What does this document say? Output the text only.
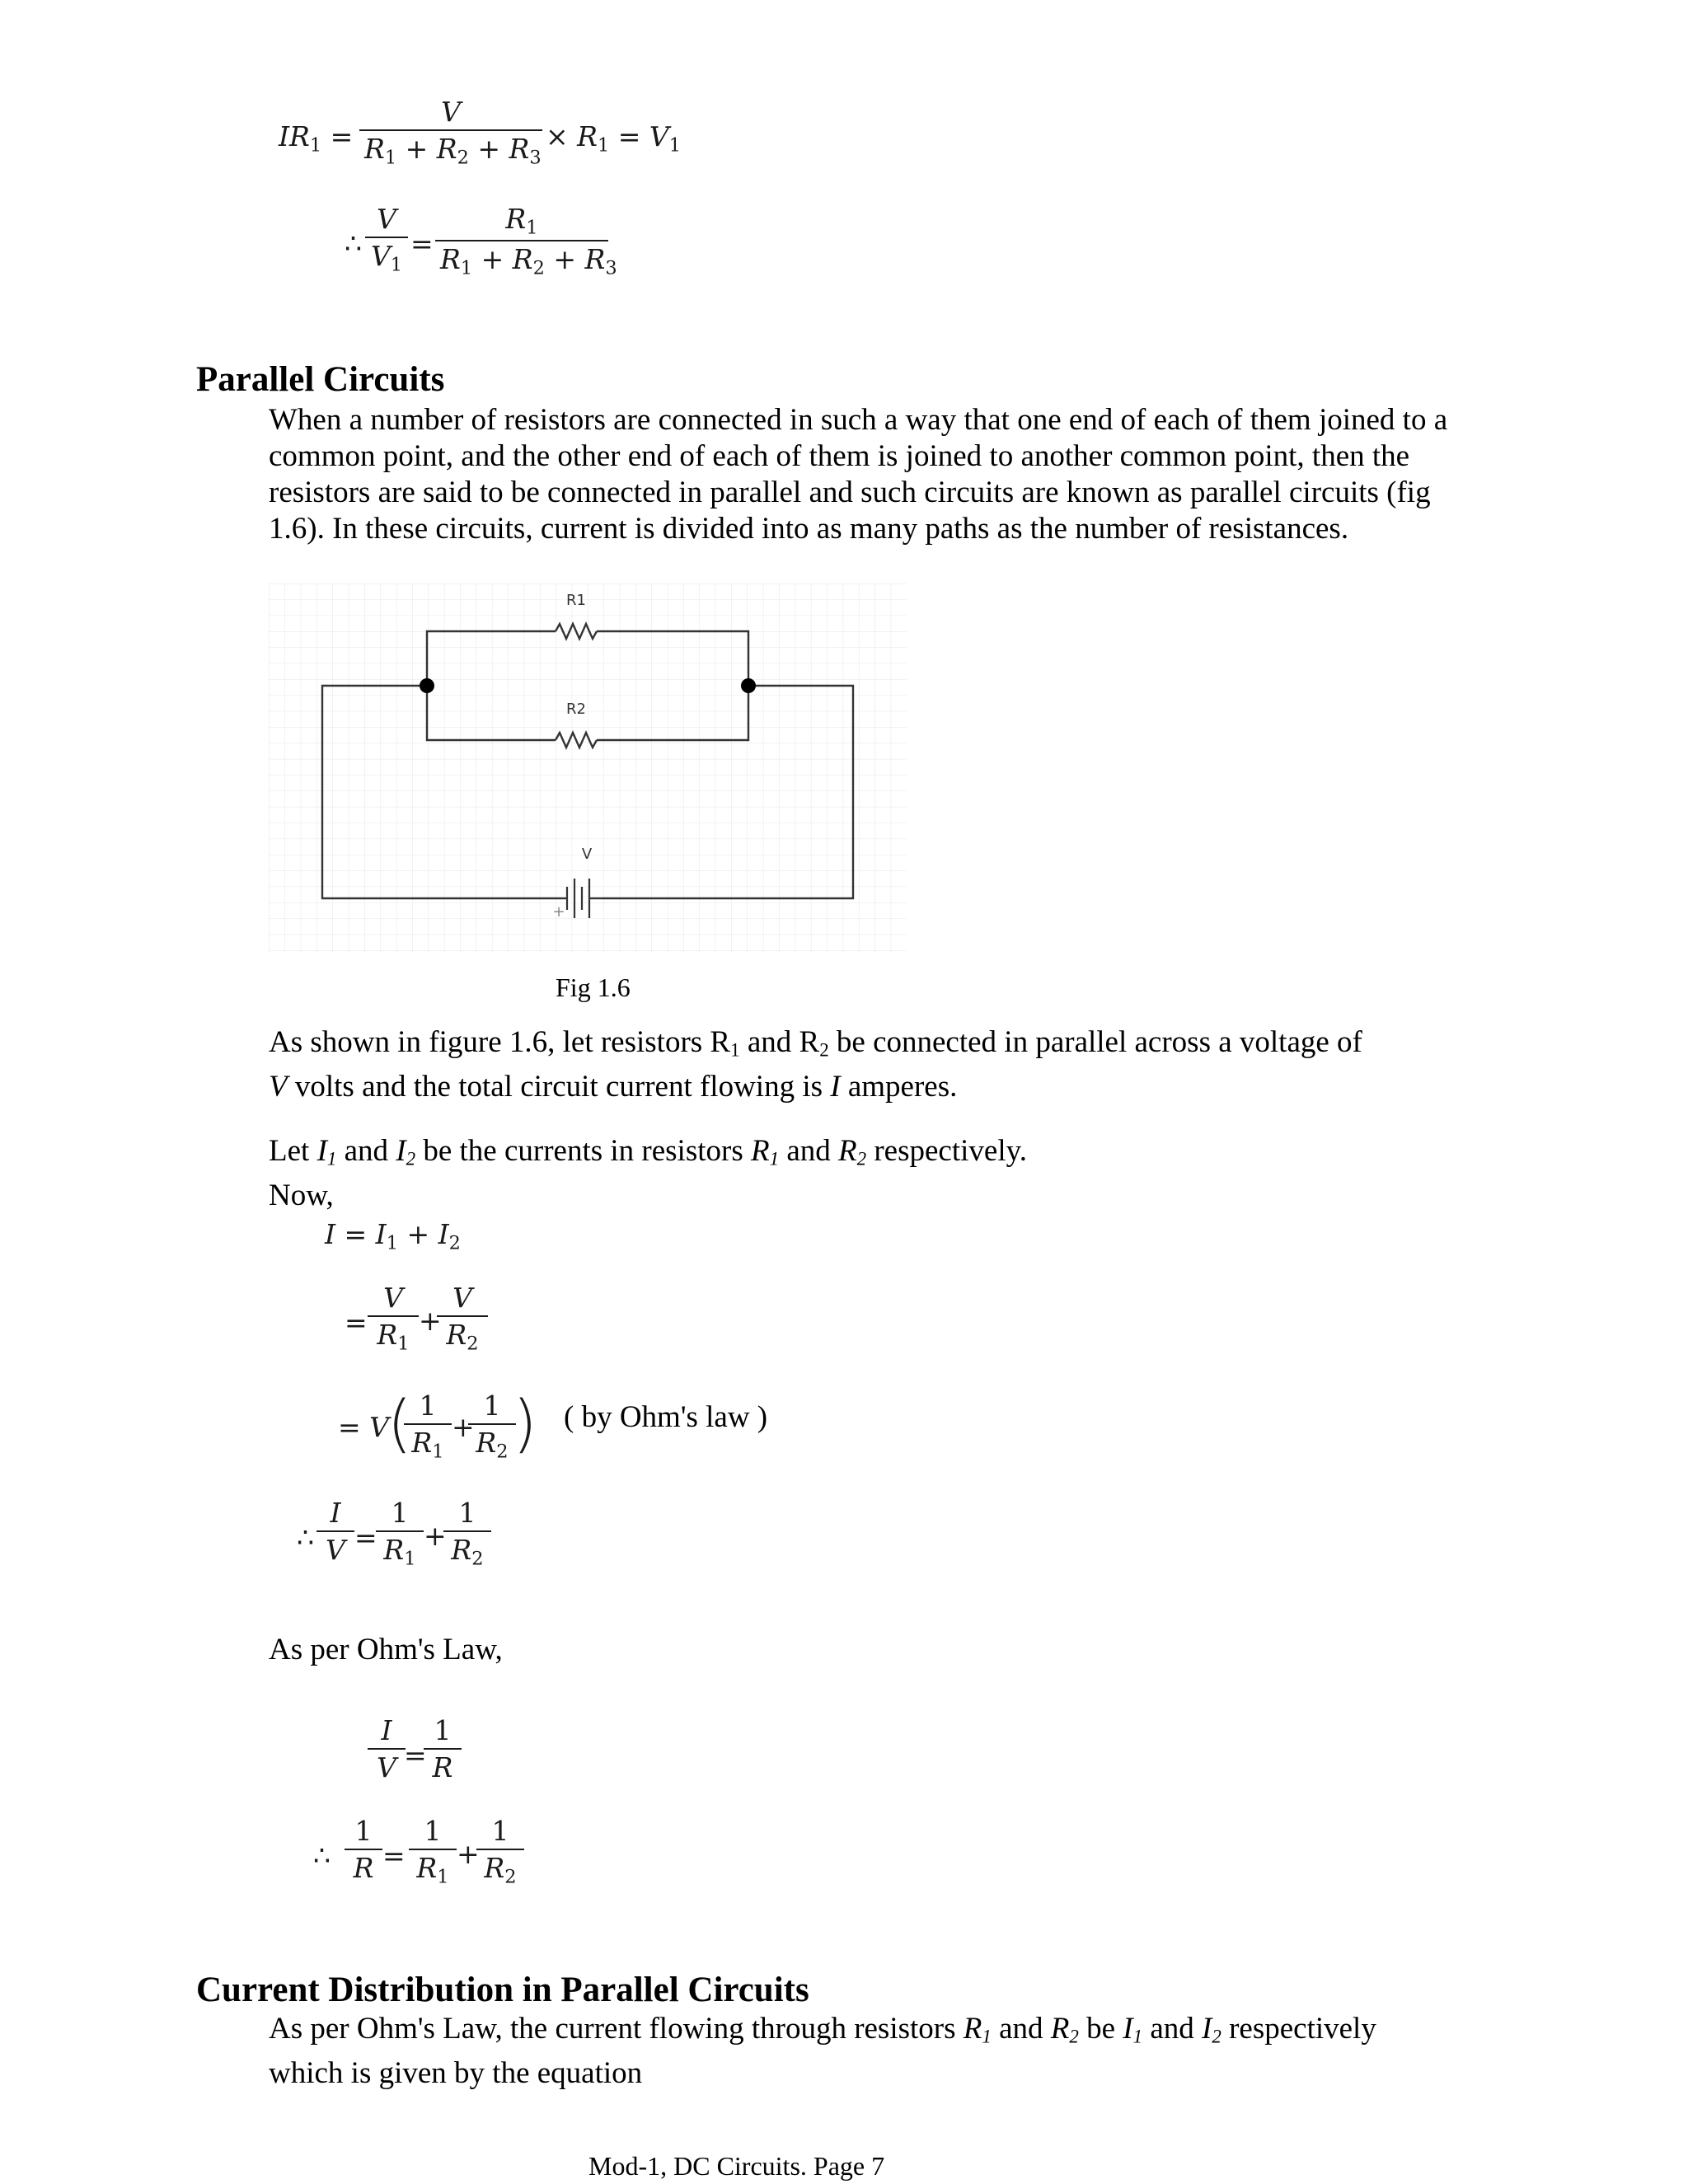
$IR_1$ =
V
$R_1 + R_2 + R_3$
× $R_1 = V_1$
∴
V
$V_1$
=
$R_1$
$R_1 + R_2 + R_3$
Parallel Circuits
When a number of resistors are connected in such a way that one end of each of them joined to a common point, and the other end of each of them is joined to another common point, then the resistors are said to be connected in parallel and such circuits are known as parallel circuits (fig 1.6). In these circuits, current is divided into as many paths as the number of resistances.
R1
R2
V
+
Fig 1.6
As shown in figure 1.6, let resistors R1 and R2 be connected in parallel across a voltage of
V volts and the total circuit current flowing is I amperes.
Let I1 and I2 be the currents in resistors R1 and R2 respectively.
Now,
$I = I_1 + I_2$
=
V
$R_1$
+
V
$R_2$
= V
( 1
$R_1$
+
1
$R_2$ ) ( by Ohm's law )
∴
I
V =
1
$R_1$
+
1
$R_2$
As per Ohm's Law,
I
V =
1
R
∴
1
R =
1
$R_1$
+
1
$R_2$
Current Distribution in Parallel Circuits
As per Ohm's Law, the current flowing through resistors R1 and R2 be I1 and I2 respectively
which is given by the equation
Mod-1, DC Circuits. Page 7
